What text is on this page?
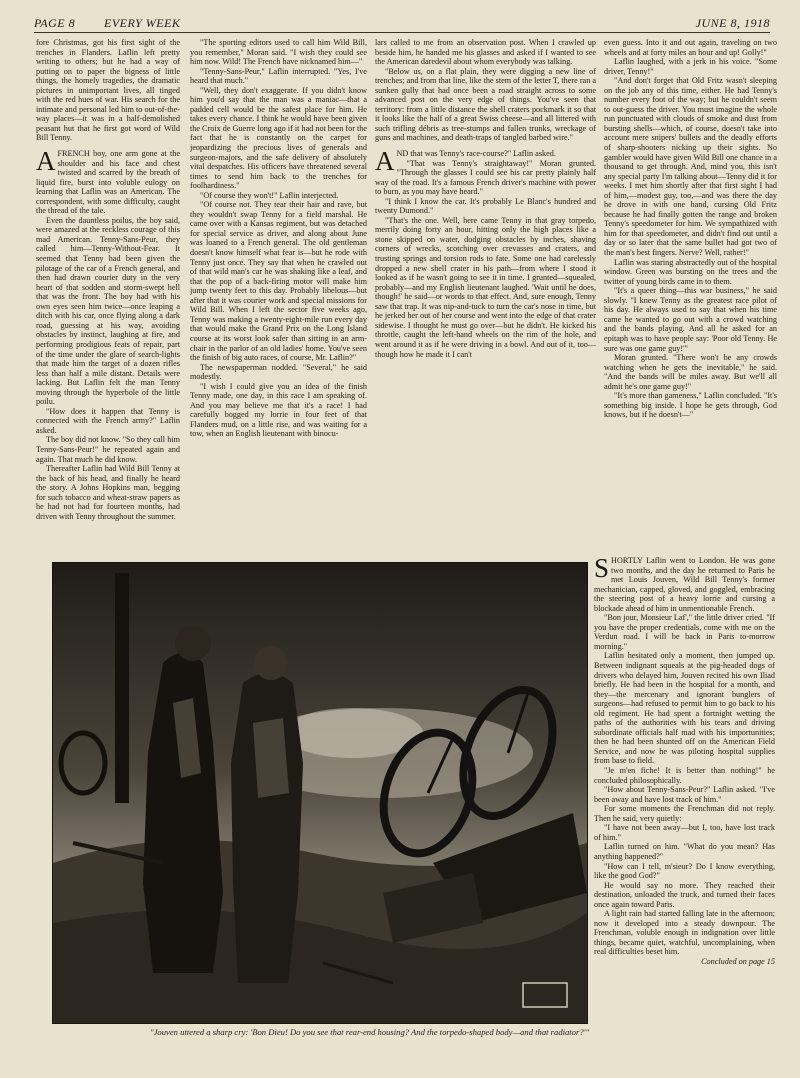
PAGE 8 EVERY WEEK	JUNE 8, 1918

fore Christmas, got his first sight of the trenches in Flanders. Laflin left pretty writing to others; but he had a way of putting on to paper the bigness of little things, the homely tragedies, the dramatic pictures in unimportant lives, all tinged with the red hues of war. His search for the intimate and personal led him to out-of-the-way places—it was in a half-demolished peasant hut that he first got word of Wild Bill Tenny.

AFRENCH boy, one arm gone at the shoulder and his face and chest twisted and scarred by the breath of liquid fire, burst into voluble eulogy on learning that Laflin was an American. The correspondent, with some difficulty, caught the thread of the tale.

Even the dauntless poilus, the boy said, were amazed at the reckless courage of this mad American. Tenny-Sans-Peur, they called him—Tenny-Without-Fear. It seemed that Tenny had been given the pilotage of the car of a French general, and then had drawn courier duty in the very heart of that sodden and storm-swept hell that was the front. The boy had with his own eyes seen him twice—once leaping a ditch with his car, once flying along a dark road, guessing at his way, avoiding obstacles by instinct, laughing at fire, and performing prodigious feats of repair, part of the time under the glare of search-lights that made him the target of a dozen rifles less than half a mile distant. Details were lacking. But Laflin felt the man Tenny moving through the hyperbole of the little poilu.

"How does it happen that Tenny is connected with the French army?" Laflin asked.

The boy did not know. "So they call him Tenny-Sans-Peur!" he repeated again and again. That much he did know.

Thereafter Laflin had Wild Bill Tenny at the back of his head, and finally he heard the story. A Johns Hopkins man, begging for such tobacco and wheat-straw papers as he had not had for fourteen months, had driven with Tenny throughout the summer.

"The sporting editors used to call him Wild Bill, you remember," Moran said. "I wish they could see him now. Wild! The French have nicknamed him—"

"Tenny-Sans-Peur," Laflin interrupted. "Yes, I've heard that much."

"Well, they don't exaggerate. If you didn't know him you'd say that the man was a maniac—that a padded cell would be the safest place for him. He takes every chance. I think he would have been given the Croix de Guerre long ago if it had not been for the fact that he is constantly on the carpet for jeopardizing the precious lives of generals and surgeon-majors, and the safe delivery of absolutely vital despatches. His officers have threatened several times to send him back to the trenches for foolhardiness."

"Of course they won't!" Laflin interjected.

"Of course not. They tear their hair and rave, but they wouldn't swap Tenny for a field marshal. He came over with a Kansas regiment, but was detached for special service as driver, and along about June was loaned to a French general. The old gentleman doesn't know himself what fear is—but he rode with Tenny just once. They say that when he crawled out of that wild man's car he was shaking like a leaf, and that the pop of a back-firing motor will make him jump twenty feet to this day. Probably libelous—but after that it was courier work and special missions for Wild Bill. When I left the sector five weeks ago, Tenny was making a twenty-eight-mile run every day that would make the Grand Prix on the Long Island course at its worst look safer than sitting in an arm-chair in the parlor of an old ladies' home. You've seen the finish of big auto races, of course, Mr. Laflin?"

The newspaperman nodded. "Several," he said modestly.

"I wish I could give you an idea of the finish Tenny made, one day, in this race I am speaking of. And you may believe me that it's a race! I had carefully bogged my lorrie in four feet of that Flanders mud, on a little rise, and was waiting for a tow, when an English lieutenant with binocu-

lars called to me from an observation post. When I crawled up beside him, he handed me his glasses and asked if I wanted to see the American daredevil about whom everybody was talking.

"Below us, on a flat plain, they were digging a new line of trenches; and from that line, like the stem of the letter T, there ran a sunken gully that had once been a road straight across to some advanced post on the very edge of things. You've seen that territory: from a little distance the shell craters pockmark it so that it looks like the half of a great Swiss cheese—and all littered with such trifling débris as tree-stumps and fallen trunks, wreckage of guns and machines, and death-traps of tangled barbed wire."

AND that was Tenny's race-course?" Laflin asked.

"That was Tenny's straightaway!" Moran grunted. "Through the glasses I could see his car pretty plainly half way of the road. It's a famous French driver's machine with power to burn, as you may have heard."

"I think I know the car. It's probably Le Blanc's hundred and twenty Dumond."

"That's the one. Well, here came Tenny in that gray torpedo, merrily doing forty an hour, hitting only the high places like a stone skipped on water, dodging obstacles by inches, shaving corners of wrecks, scotching over crevasses and craters, and trusting springs and torsion rods to fate. Some one had carelessly dropped a new shell crater in his path—from where I stood it looked as if he wasn't going to see it in time. I grunted—squealed, probably—and my English lieutenant laughed. 'Wait until he does, though!' he said—or words to that effect. And, sure enough, Tenny saw that trap. It was nip-and-tuck to turn the car's nose in time, but he jerked her out of her course and went into the edge of that crater sidewise. I thought he must go over—but he didn't. He kicked his throttle, caught the left-hand wheels on the rim of the hole, and went around it as if he were driving in a bowl. And out of it, too—though how he made it I can't

even guess. Into it and out again, traveling on two wheels and at forty miles an hour and up! Golly!"

Laflin laughed, with a jerk in his voice. "Some driver, Tenny!"

"And don't forget that Old Fritz wasn't sleeping on the job any of this time, either. He had Tenny's number every foot of the way; but he couldn't seem to out-guess the driver. You must imagine the whole run punctuated with clouds of smoke and dust from bursting shells—which, of course, doesn't take into account mere snipers' bullets and the deadly efforts of sharp-shooters nicking up their sights. No gambler would have given Wild Bill one chance in a thousand to get through. And, mind you, this isn't any special party I'm talking about—Tenny did it for weeks. I met him shortly after that first sight I had of him,—modest guy, too,—and was there the day he drove in with one hand, cursing Old Fritz because he had finally gotten the range and broken Tenny's speedometer for him. We sympathized with him for that speedometer, and didn't find out until a day or so later that the same bullet had got two of the man's best fingers. Nerve? Well, rather!"

Laflin was staring abstractedly out of the hospital window. Green was bursting on the trees and the twitter of young birds came in to them.

"It's a queer thing—this war business," he said slowly. "I knew Tenny as the greatest race pilot of his day. He always used to say that when his time came he wanted to go out with a crowd watching and the bands playing. And all he asked for an epitaph was to have people say: 'Poor old Tenny. He sure was one game guy!'"

Moran grunted. "There won't be any crowds watching when he gets the inevitable," he said. "And the bands will be miles away. But we'll all admit he's one game guy!"

"It's more than gameness," Laflin concluded. "It's something big inside. I hope he gets through, God knows, but if he doesn't—"

"Jouven uttered a sharp cry: 'Bon Dieu! Do you see that rear-end housing? And the torpedo-shaped body—and that radiator?'"

SHORTLY Laflin went to London. He was gone two months, and the day he returned to Paris he met Louis Jouven, Wild Bill Tenny's former mechanician, capped, gloved, and goggled, embracing the steering post of a heavy lorrie and cursing a blockade ahead of him in unmentionable French.

"Bon jour, Monsieur Laf'," the little driver cried. "If you have the proper credentials, come with me on the Verdun road. I will be back in Paris to-morrow morning."

Laflin hesitated only a moment, then jumped up. Between indignant squeals at the pig-headed dogs of drivers who delayed him, Jouven recited his own Iliad briefly. He had been in the hospital for a month, and they—the mercenary and ignorant bunglers of surgeons—had refused to permit him to go back to his old regiment. He had spent a fortnight wetting the paths of the authorities with his tears and driving subordinate officials half mad with his importunities; then he had been shunted off on the American Field Service, and now he was piloting hospital supplies from base to field.

"Je m'en fiche! It is better than nothing!" he concluded philosophically.

"How about Tenny-Sans-Peur?" Laflin asked. "I've been away and have lost track of him."

For some moments the Frenchman did not reply. Then he said, very quietly:

"I have not been away—but I, too, have lost track of him."

Laflin turned on him. "What do you mean? Has anything happened?"

"How can I tell, m'sieur? Do I know everything, like the good God?"

He would say no more. They reached their destination, unloaded the truck, and turned their faces once again toward Paris.

A light rain had started falling late in the afternoon; now it developed into a steady downpour. The Frenchman, voluble enough in indignation over little things, became quiet, watchful, uncomplaining, when real difficulties beset him.

Concluded on page 15
